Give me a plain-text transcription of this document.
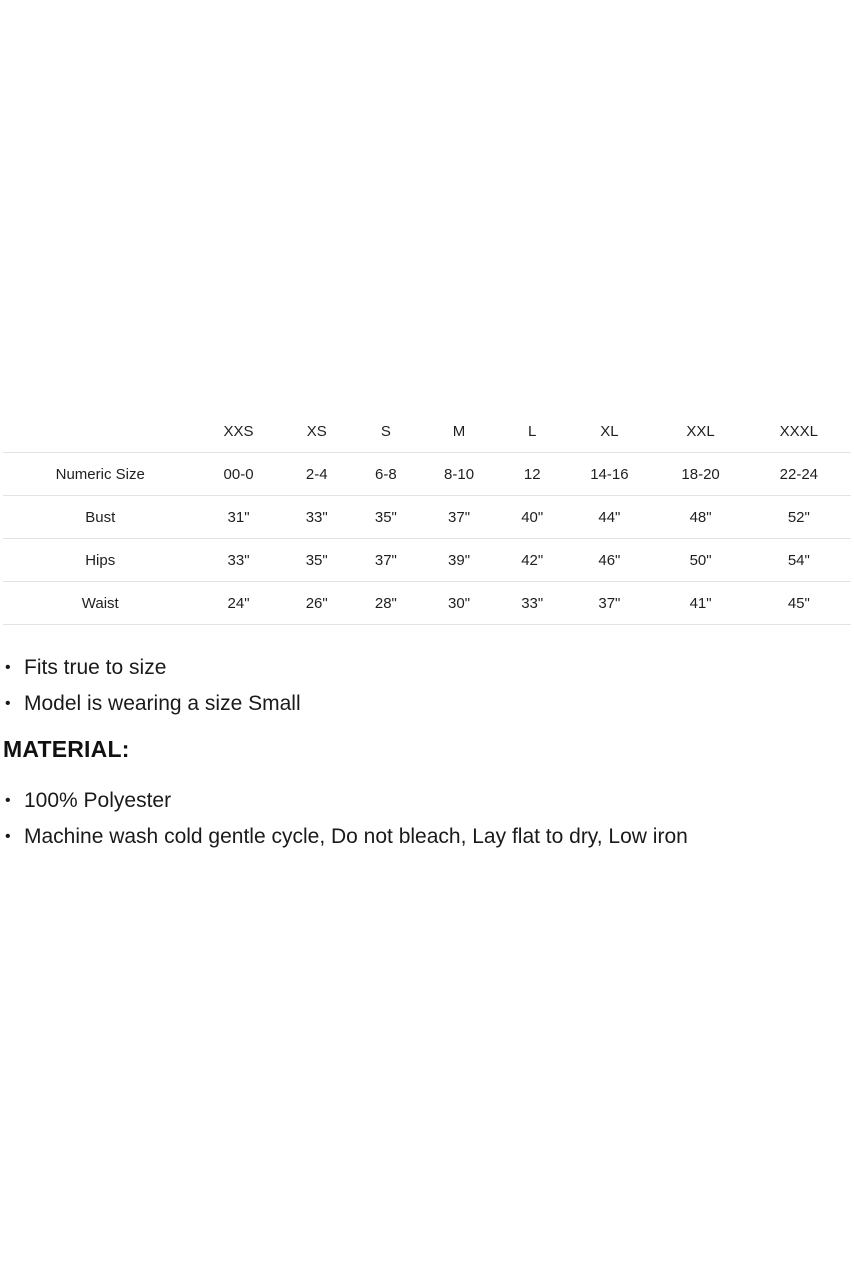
	XXS	XS	S	M	L	XL	XXL	XXXL
Numeric Size	00-0	2-4	6-8	8-10	12	14-16	18-20	22-24
Bust	31"	33"	35"	37"	40"	44"	48"	52"
Hips	33"	35"	37"	39"	42"	46"	50"	54"
Waist	24"	26"	28"	30"	33"	37"	41"	45"
• Fits true to size
• Model is wearing a size Small
MATERIAL:
• 100% Polyester
• Machine wash cold gentle cycle, Do not bleach, Lay flat to dry, Low iron
